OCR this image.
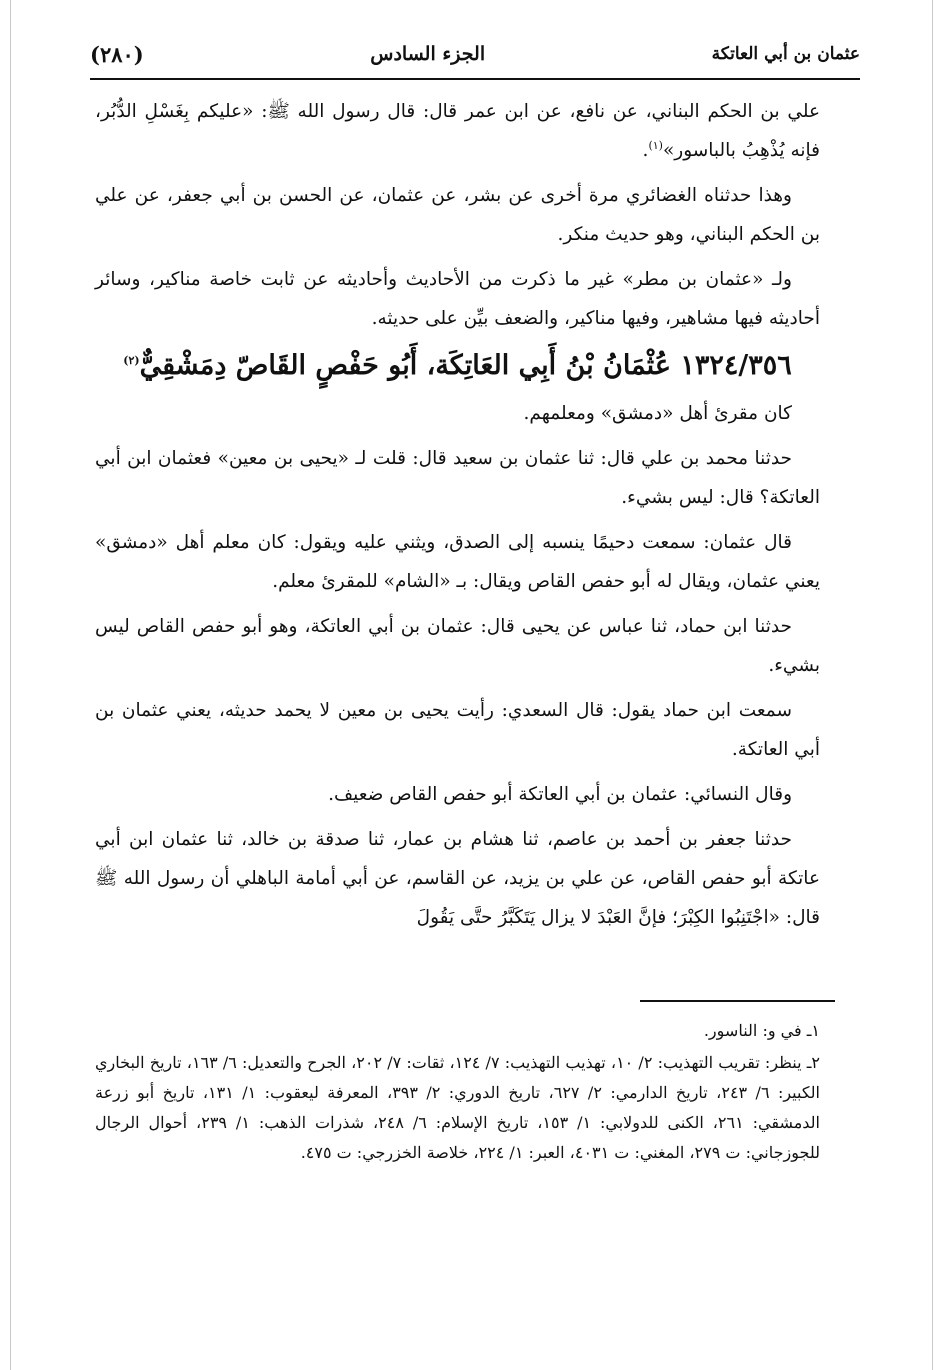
(٢٨٠)	الجزء السادس	عثمان بن أبي العاتكة

علي بن الحكم البناني، عن نافع، عن ابن عمر قال: قال رسول الله ﷺ: «عليكم بِغَسْلِ الدُّبُر، فإنه يُذْهِبُ بالباسور»$^{(١)}$.

وهذا حدثناه الغضائري مرة أخرى عن بشر، عن عثمان، عن الحسن بن أبي جعفر، عن علي بن الحكم البناني، وهو حديث منكر.

ولـ «عثمان بن مطر» غير ما ذكرت من الأحاديث وأحاديثه عن ثابت خاصة مناكير، وسائر أحاديثه فيها مشاهير، وفيها مناكير، والضعف بيِّن على حديثه.

١٣٢٤/٣٥٦ عُثْمَانُ بْنُ أَبِي العَاتِكَة، أَبُو حَفْصٍ القَاصّ دِمَشْقِيٌّ$^{(٢)}$

كان مقرئ أهل «دمشق» ومعلمهم.

حدثنا محمد بن علي قال: ثنا عثمان بن سعيد قال: قلت لـ «يحيى بن معين» فعثمان ابن أبي العاتكة؟ قال: ليس بشيء.

قال عثمان: سمعت دحيمًا ينسبه إلى الصدق، ويثني عليه ويقول: كان معلم أهل «دمشق» يعني عثمان، ويقال له أبو حفص القاص ويقال: بـ «الشام» للمقرئ معلم.

حدثنا ابن حماد، ثنا عباس عن يحيى قال: عثمان بن أبي العاتكة، وهو أبو حفص القاص ليس بشيء.

سمعت ابن حماد يقول: قال السعدي: رأيت يحيى بن معين لا يحمد حديثه، يعني عثمان بن أبي العاتكة.

وقال النسائي: عثمان بن أبي العاتكة أبو حفص القاص ضعيف.

حدثنا جعفر بن أحمد بن عاصم، ثنا هشام بن عمار، ثنا صدقة بن خالد، ثنا عثمان ابن أبي عاتكة أبو حفص القاص، عن علي بن يزيد، عن القاسم، عن أبي أمامة الباهلي أن رسول الله ﷺ قال: «اجْتَنِبُوا الكِبْرَ؛ فإنَّ العَبْدَ لا يزال يَتَكَبَّرُ حتَّى يَقُولَ

١ـ في و: الناسور.

٢ـ ينظر: تقريب التهذيب: ٢/ ١٠، تهذيب التهذيب: ٧/ ١٢٤، ثقات: ٧/ ٢٠٢، الجرح والتعديل: ٦/ ١٦٣، تاريخ البخاري الكبير: ٦/ ٢٤٣، تاريخ الدارمي: ٢/ ٦٢٧، تاريخ الدوري: ٢/ ٣٩٣، المعرفة ليعقوب: ١/ ١٣١، تاريخ أبو زرعة الدمشقي: ٢٦١، الكنى للدولابي: ١/ ١٥٣، تاريخ الإسلام: ٦/ ٢٤٨، شذرات الذهب: ١/ ٢٣٩، أحوال الرجال للجوزجاني: ت ٢٧٩، المغني: ت ٤٠٣١، العبر: ١/ ٢٢٤، خلاصة الخزرجي: ت ٤٧٥.
